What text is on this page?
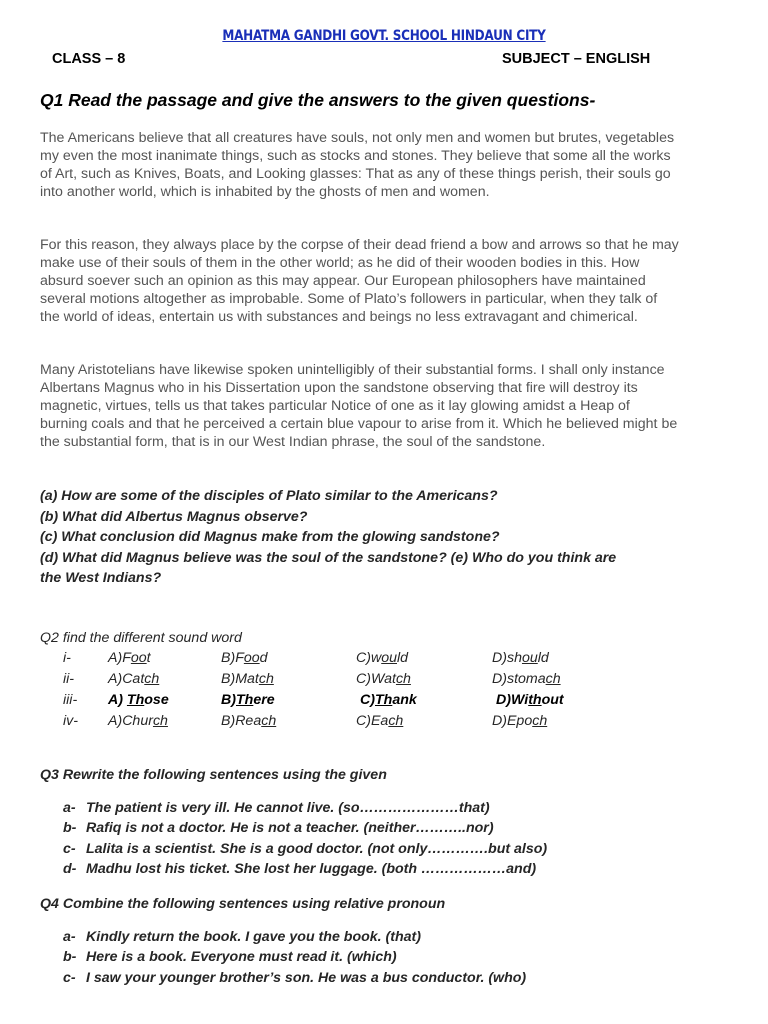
MAHATMA GANDHI GOVT. SCHOOL HINDAUN CITY
CLASS – 8	SUBJECT – ENGLISH
Q1 Read the passage and give the answers to the given questions-

The Americans believe that all creatures have souls, not only men and women but brutes, vegetables my even the most inanimate things, such as stocks and stones. They believe that some all the works of Art, such as Knives, Boats, and Looking glasses: That as any of these things perish, their souls go into another world, which is inhabited by the ghosts of men and women.

For this reason, they always place by the corpse of their dead friend a bow and arrows so that he may make use of their souls of them in the other world; as he did of their wooden bodies in this. How absurd soever such an opinion as this may appear. Our European philosophers have maintained several motions altogether as improbable. Some of Plato’s followers in particular, when they talk of the world of ideas, entertain us with substances and beings no less extravagant and chimerical.

Many Aristotelians have likewise spoken unintelligibly of their substantial forms. I shall only instance Albertans Magnus who in his Dissertation upon the sandstone observing that fire will destroy its magnetic, virtues, tells us that takes particular Notice of one as it lay glowing amidst a Heap of burning coals and that he perceived a certain blue vapour to arise from it. Which he believed might be the substantial form, that is in our West Indian phrase, the soul of the sandstone.

(a) How are some of the disciples of Plato similar to the Americans?
(b) What did Albertus Magnus observe?
(c) What conclusion did Magnus make from the glowing sandstone?
(d) What did Magnus believe was the soul of the sandstone? (e) Who do you think are
the West Indians?
Q2 find the different sound word
i-	A)Foot	B)Food	C)would	D)should
ii- A)Catch	B)Match	C)Watch	D)stomach
iii- A) Those	B)There	C)Thank	D)Without
iv- A)Church	B)Reach	C)Each	D)Epoch
Q3 Rewrite the following sentences using the given
a- The patient is very ill. He cannot live. (so…………………that)
b- Rafiq is not a doctor. He is not a teacher. (neither………..nor)
c- Lalita is a scientist. She is a good doctor. (not only………….but also)
d- Madhu lost his ticket. She lost her luggage. (both ………………and)
Q4 Combine the following sentences using relative pronoun
a- Kindly return the book. I gave you the book. (that)
b- Here is a book. Everyone must read it. (which)
c- I saw your younger brother’s son. He was a bus conductor. (who)
